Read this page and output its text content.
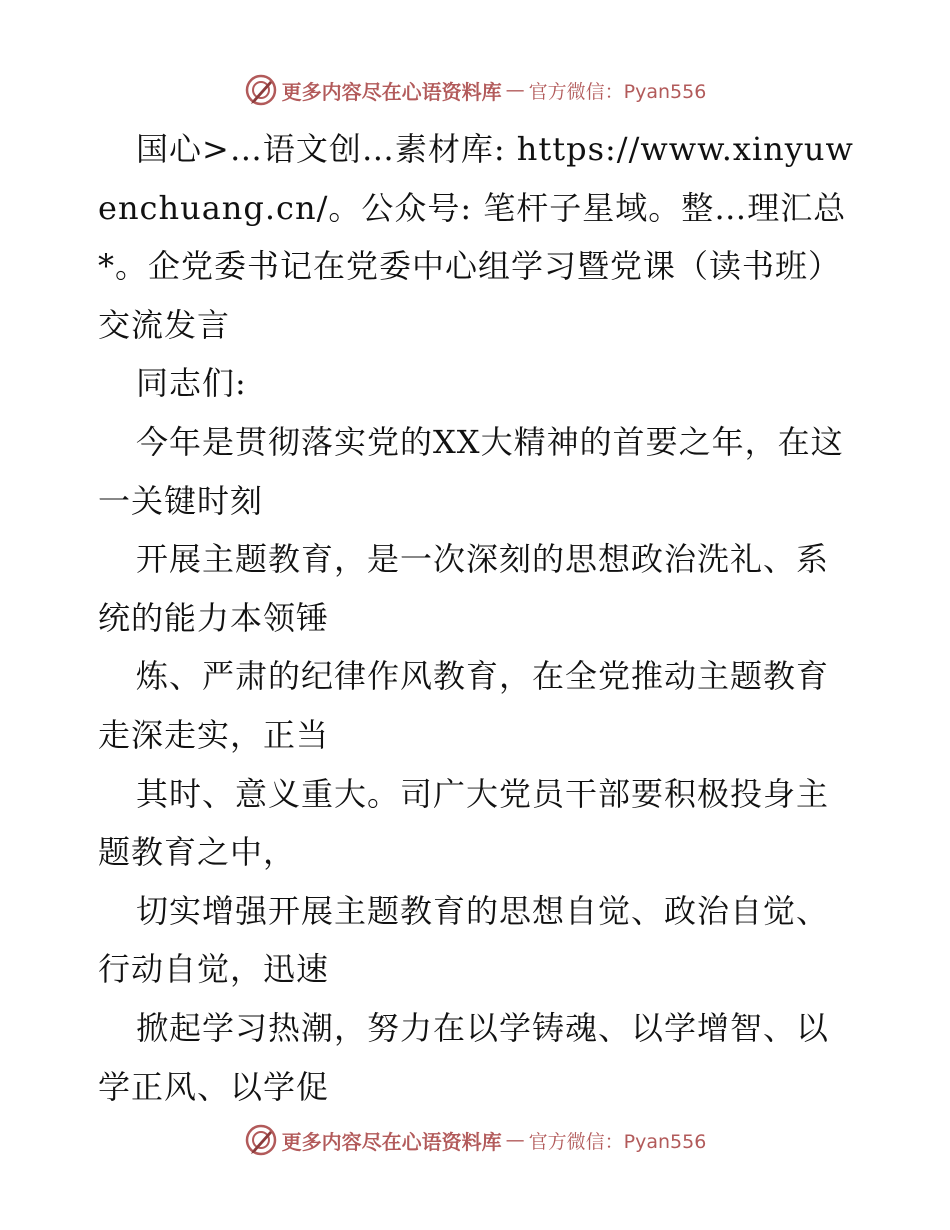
更多内容尽在心语资料库 — 官方微信：Pyan556

国心>…语文创…素材库: https://www.xinyuwenchuang.cn/。公众号: 笔杆子星域。整…理汇总*。企党委书记在党委中心组学习暨党课（读书班）交流发言

同志们:

今年是贯彻落实党的XX大精神的首要之年，在这一关键时刻

开展主题教育，是一次深刻的思想政治洗礼、系统的能力本领锤

炼、严肃的纪律作风教育，在全党推动主题教育走深走实，正当

其时、意义重大。司广大党员干部要积极投身主题教育之中，

切实增强开展主题教育的思想自觉、政治自觉、行动自觉，迅速

掀起学习热潮，努力在以学铸魂、以学增智、以学正风、以学促

更多内容尽在心语资料库 — 官方微信：Pyan556
